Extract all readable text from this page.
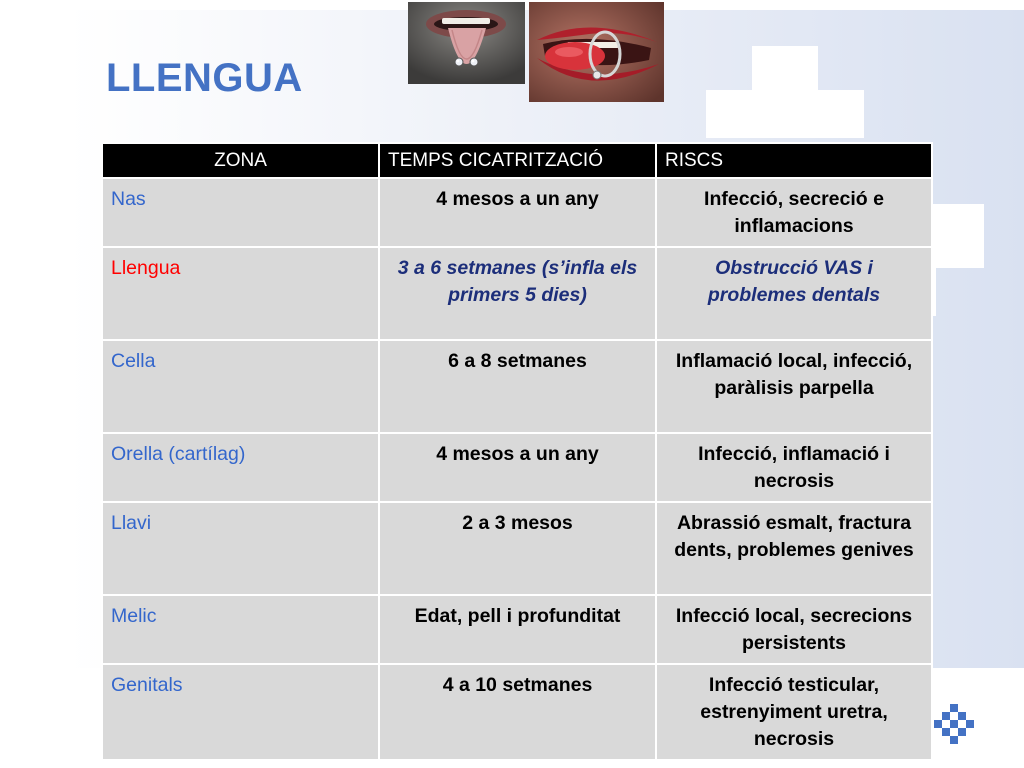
LLENGUA
ZONA	TEMPS CICATRITZACIÓ	RISCS
Nas	4 mesos a un any	Infecció, secreció e inflamacions
Llengua	3 a 6 setmanes (s’infla els primers 5 dies)	Obstrucció VAS i problemes dentals
Cella	6 a 8 setmanes	Inflamació local, infecció, paràlisis parpella
Orella (cartílag)	4 mesos a un any	Infecció, inflamació i necrosis
Llavi	2 a 3 mesos	Abrassió esmalt, fractura dents, problemes genives
Melic	Edat, pell i profunditat	Infecció local, secrecions persistents
Genitals	4 a 10 setmanes	Infecció testicular, estrenyiment uretra, necrosis
